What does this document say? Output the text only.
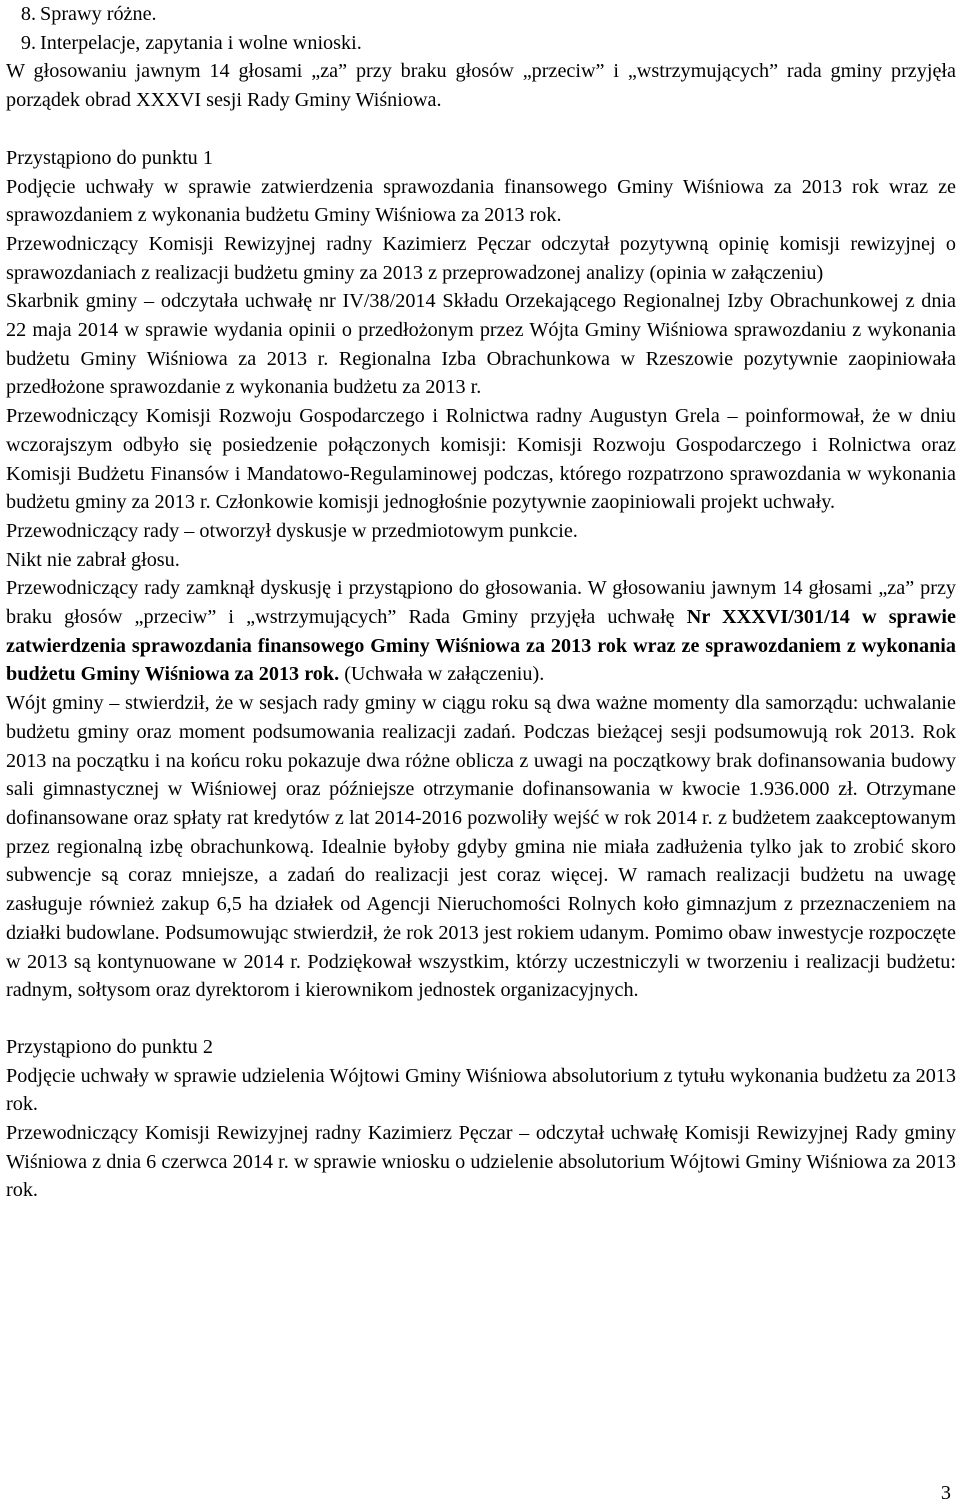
8. Sprawy różne.
9. Interpelacje, zapytania i wolne wnioski.

W głosowaniu jawnym 14 głosami „za” przy braku głosów „przeciw” i „wstrzymujących” rada gminy przyjęła porządek obrad XXXVI sesji Rady Gminy Wiśniowa.

Przystąpiono do punktu 1

Podjęcie uchwały w sprawie zatwierdzenia sprawozdania finansowego Gminy Wiśniowa za 2013 rok wraz ze sprawozdaniem z wykonania budżetu Gminy Wiśniowa za 2013 rok.

Przewodniczący Komisji Rewizyjnej radny Kazimierz Pęczar odczytał pozytywną opinię komisji rewizyjnej o sprawozdaniach z realizacji budżetu gminy za 2013 z przeprowadzonej analizy (opinia w załączeniu)

Skarbnik gminy – odczytała uchwałę nr IV/38/2014 Składu Orzekającego Regionalnej Izby Obrachunkowej z dnia 22 maja 2014 w sprawie wydania opinii o przedłożonym przez Wójta Gminy Wiśniowa sprawozdaniu z wykonania budżetu Gminy Wiśniowa za 2013 r. Regionalna Izba Obrachunkowa w Rzeszowie pozytywnie zaopiniowała przedłożone sprawozdanie z wykonania budżetu za 2013 r.

Przewodniczący Komisji Rozwoju Gospodarczego i Rolnictwa radny Augustyn Grela – poinformował, że w dniu wczorajszym odbyło się posiedzenie połączonych komisji: Komisji Rozwoju Gospodarczego i Rolnictwa oraz Komisji Budżetu Finansów i Mandatowo-Regulaminowej podczas, którego rozpatrzono sprawozdania w wykonania budżetu gminy za 2013 r. Członkowie komisji jednogłośnie pozytywnie zaopiniowali projekt uchwały.

Przewodniczący rady – otworzył dyskusje w przedmiotowym punkcie.

Nikt nie zabrał głosu.

Przewodniczący rady zamknął dyskusję i przystąpiono do głosowania. W głosowaniu jawnym 14 głosami „za” przy braku głosów „przeciw” i „wstrzymujących” Rada Gminy przyjęła uchwałę Nr XXXVI/301/14 w sprawie zatwierdzenia sprawozdania finansowego Gminy Wiśniowa za 2013 rok wraz ze sprawozdaniem z wykonania budżetu Gminy Wiśniowa za 2013 rok. (Uchwała w załączeniu).

Wójt gminy – stwierdził, że w sesjach rady gminy w ciągu roku są dwa ważne momenty dla samorządu: uchwalanie budżetu gminy oraz moment podsumowania realizacji zadań. Podczas bieżącej sesji podsumowują rok 2013. Rok 2013 na początku i na końcu roku pokazuje dwa różne oblicza z uwagi na początkowy brak dofinansowania budowy sali gimnastycznej w Wiśniowej oraz późniejsze otrzymanie dofinansowania w kwocie 1.936.000 zł. Otrzymane dofinansowane oraz spłaty rat kredytów z lat 2014-2016 pozwoliły wejść w rok 2014 r. z budżetem zaakceptowanym przez regionalną izbę obrachunkową. Idealnie byłoby gdyby gmina nie miała zadłużenia tylko jak to zrobić skoro subwencje są coraz mniejsze, a zadań do realizacji jest coraz więcej. W ramach realizacji budżetu na uwagę zasługuje również zakup 6,5 ha działek od Agencji Nieruchomości Rolnych koło gimnazjum z przeznaczeniem na działki budowlane. Podsumowując stwierdził, że rok 2013 jest rokiem udanym. Pomimo obaw inwestycje rozpoczęte w 2013 są kontynuowane w 2014 r. Podziękował wszystkim, którzy uczestniczyli w tworzeniu i realizacji budżetu: radnym, sołtysom oraz dyrektorom i kierownikom jednostek organizacyjnych.

Przystąpiono do punktu 2

Podjęcie uchwały w sprawie udzielenia Wójtowi Gminy Wiśniowa absolutorium z tytułu wykonania budżetu za 2013 rok.

Przewodniczący Komisji Rewizyjnej radny Kazimierz Pęczar – odczytał uchwałę Komisji Rewizyjnej Rady gminy Wiśniowa z dnia 6 czerwca 2014 r. w sprawie wniosku o udzielenie absolutorium Wójtowi Gminy Wiśniowa za 2013 rok.

3
